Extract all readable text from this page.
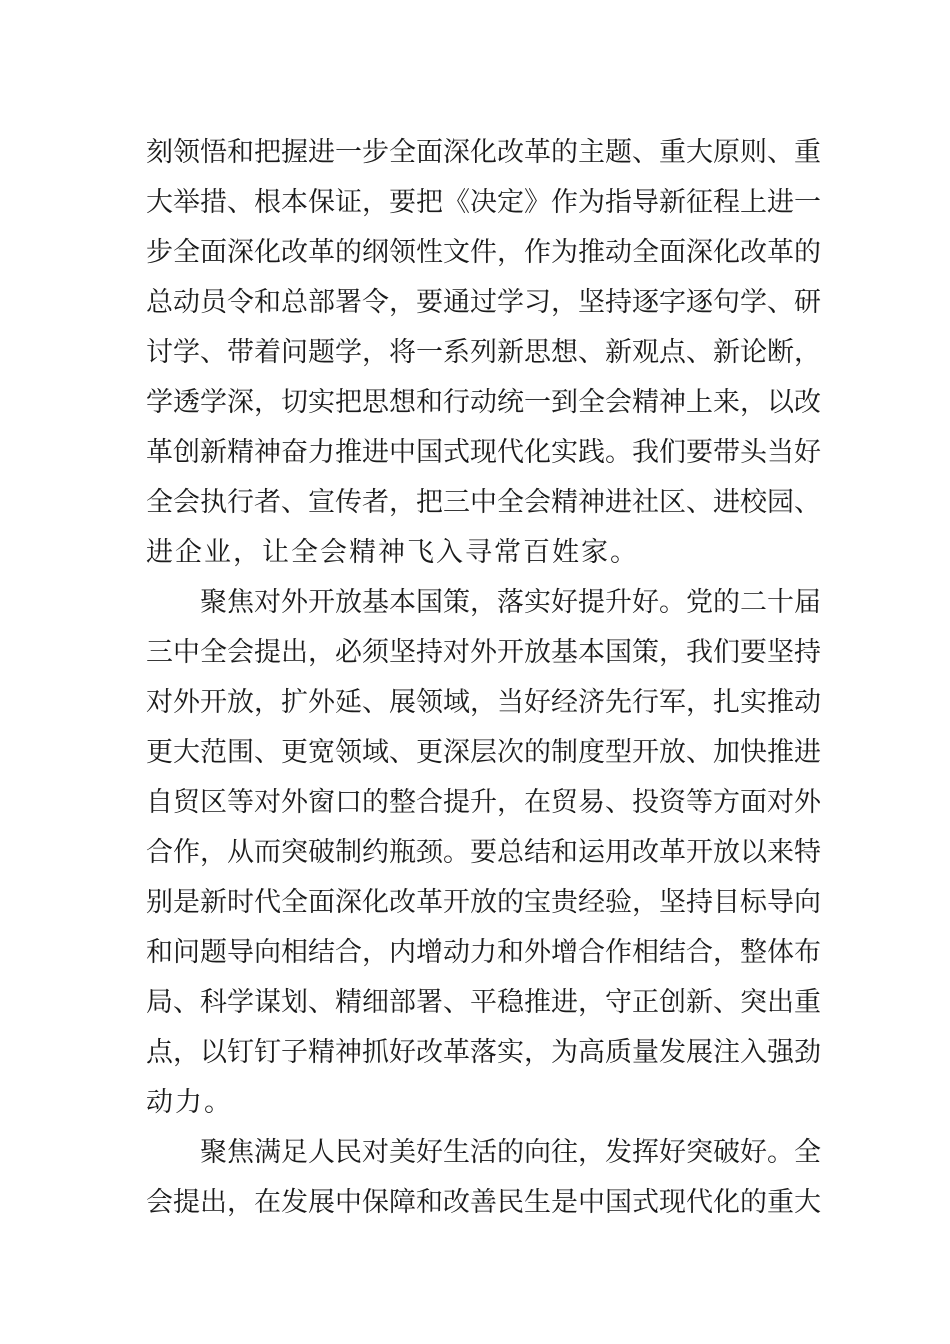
刻领悟和把握进一步全面深化改革的主题、重大原则、重
大举措、根本保证，要把《决定》作为指导新征程上进一
步全面深化改革的纲领性文件，作为推动全面深化改革的
总动员令和总部署令，要通过学习，坚持逐字逐句学、研
讨学、带着问题学，将一系列新思想、新观点、新论断，
学透学深，切实把思想和行动统一到全会精神上来，以改
革创新精神奋力推进中国式现代化实践。我们要带头当好
全会执行者、宣传者，把三中全会精神进社区、进校园、
进企业，让全会精神飞入寻常百姓家。
聚焦对外开放基本国策，落实好提升好。党的二十届
三中全会提出，必须坚持对外开放基本国策，我们要坚持
对外开放，扩外延、展领域，当好经济先行军，扎实推动
更大范围、更宽领域、更深层次的制度型开放、加快推进
自贸区等对外窗口的整合提升，在贸易、投资等方面对外
合作，从而突破制约瓶颈。要总结和运用改革开放以来特
别是新时代全面深化改革开放的宝贵经验，坚持目标导向
和问题导向相结合，内增动力和外增合作相结合，整体布
局、科学谋划、精细部署、平稳推进，守正创新、突出重
点，以钉钉子精神抓好改革落实，为高质量发展注入强劲
动力。
聚焦满足人民对美好生活的向往，发挥好突破好。全
会提出，在发展中保障和改善民生是中国式现代化的重大
